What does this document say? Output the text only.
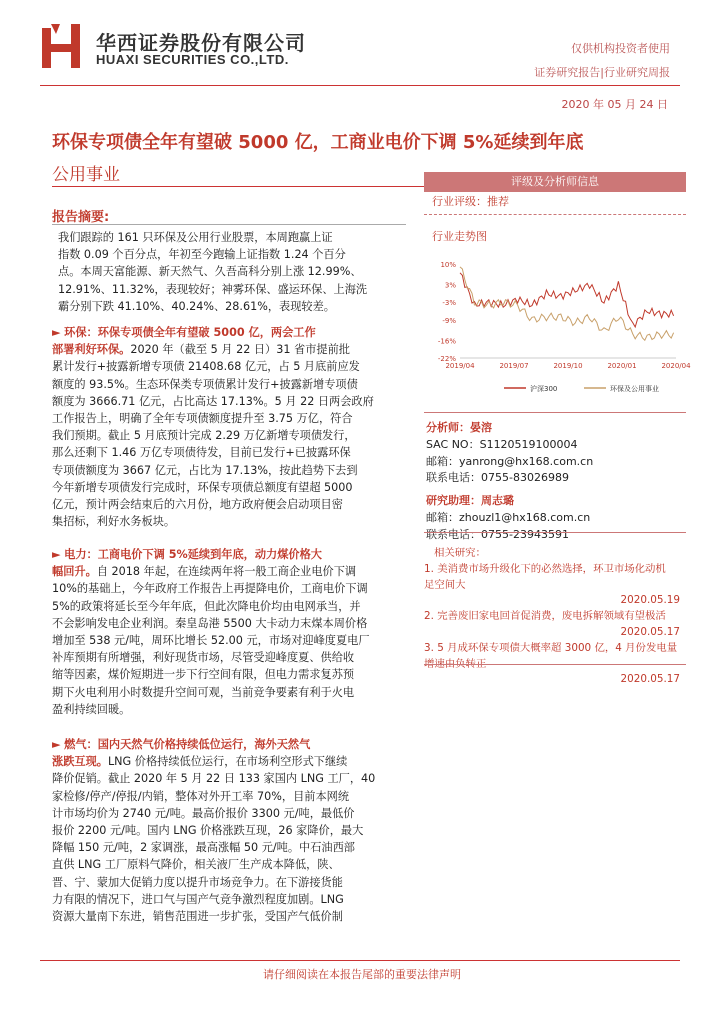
华西证券股份有限公司
HUAXI SECURITIES CO.,LTD.
仅供机构投资者使用
证券研究报告|行业研究周报
2020 年 05 月 24 日
环保专项债全年有望破 5000 亿，工商业电价下调 5%延续到年底
公用事业
报告摘要:

我们跟踪的 161 只环保及公用行业股票，本周跑赢上证

指数 0.09 个百分点，年初至今跑输上证指数 1.24 个百分

点。本周天富能源、新天然气、久吾高科分别上涨 12.99%、

12.91%、11.32%，表现较好；神雾环保、盛运环保、上海洗

霸分别下跌 41.10%、40.24%、28.61%，表现较差。

► 环保：环保专项债全年有望破 5000 亿，两会工作

部署利好环保。2020 年（截至 5 月 22 日）31 省市提前批

累计发行+披露新增专项债 21408.68 亿元，占 5 月底前应发

额度的 93.5%。生态环保类专项债累计发行+披露新增专项债

额度为 3666.71 亿元，占比高达 17.13%。5 月 22 日两会政府

工作报告上，明确了全年专项债额度提升至 3.75 万亿，符合

我们预期。截止 5 月底预计完成 2.29 万亿新增专项债发行，

那么还剩下 1.46 万亿专项债待发，目前已发行+已披露环保

专项债额度为 3667 亿元，占比为 17.13%，按此趋势下去到

今年新增专项债发行完成时，环保专项债总额度有望超 5000

亿元，预计两会结束后的六月份，地方政府便会启动项目密

集招标，利好水务板块。

► 电力：工商电价下调 5%延续到年底，动力煤价格大

幅回升。自 2018 年起，在连续两年将一般工商企业电价下调

10%的基础上，今年政府工作报告上再提降电价，工商电价下调

5%的政策将延长至今年年底，但此次降电价均由电网承当，并

不会影响发电企业利润。秦皇岛港 5500 大卡动力末煤本周价格

增加至 538 元/吨，周环比增长 52.00 元，市场对迎峰度夏电厂

补库预期有所增强，利好现货市场，尽管受迎峰度夏、供给收

缩等因素，煤价短期进一步下行空间有限，但电力需求复苏预

期下火电利用小时数提升空间可观，当前竞争要素有利于火电

盈利持续回暖。

► 燃气：国内天然气价格持续低位运行，海外天然气

涨跌互现。LNG 价格持续低位运行，在市场利空形式下继续

降价促销。截止 2020 年 5 月 22 日 133 家国内 LNG 工厂，40

家检修/停产/停报/内销，整体对外开工率 70%，目前本网统

计市场均价为 2740 元/吨。最高价报价 3300 元/吨，最低价

报价 2200 元/吨。国内 LNG 价格涨跌互现，26 家降价，最大

降幅 150 元/吨，2 家调涨，最高涨幅 50 元/吨。中石油西部

直供 LNG 工厂原料气降价，相关液厂生产成本降低，陕、

晋、宁、蒙加大促销力度以提升市场竞争力。在下游接货能

力有限的情况下，进口气与国产气竞争激烈程度加剧。LNG

资源大量南下东进，销售范围进一步扩张，受国产气低价制

评级及分析师信息
行业评级：推荐
行业走势图
10%
3%
-3%
-9%
-16%
-22%
2019/04	2019/07	2019/10	2020/01	2020/04
沪深300	环保及公用事业

分析师：晏溶

SAC NO：S1120519100004

邮箱：yanrong@hx168.com.cn

联系电话：0755-83026989

研究助理：周志璐

邮箱：zhouzl1@hx168.com.cn

联系电话：0755-23943591

相关研究：

1. 美消费市场升级化下的必然选择，环卫市场化动机

足空间大

2020.05.19

2. 完善废旧家电回首促消费，废电拆解领域有望极活

2020.05.17

3. 5 月成环保专项债大概率超 3000 亿，4 月份发电量

增速由负转正

2020.05.17

请仔细阅读在本报告尾部的重要法律声明
